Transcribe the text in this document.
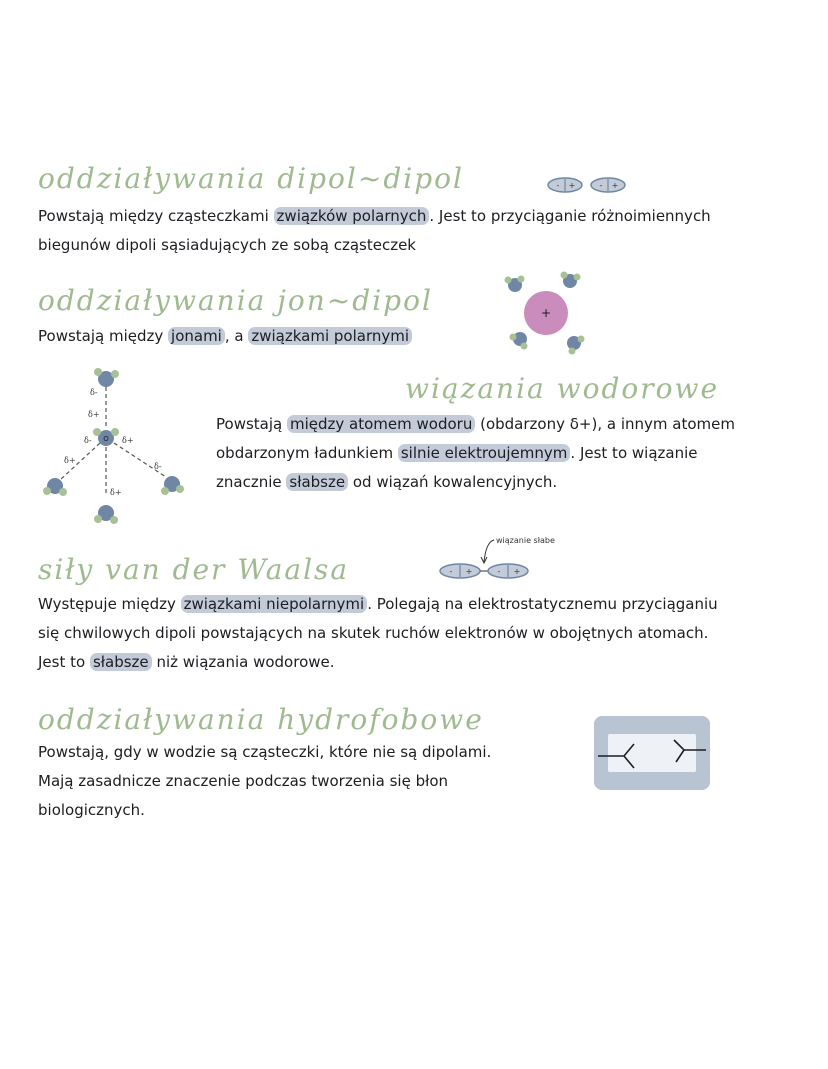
oddziaływania dipol~dipol	- +	- +

Powstają między cząsteczkami związków polarnych . Jest to przyciąganie różnoimiennych
biegunów dipoli sąsiadujących ze sobą cząsteczek

oddziaływania jon~dipol

Powstają między jonami , a związkami polarnymi

+
O
δ-
δ+
δ-	δ+
δ+
δ-
δ+
wiązania wodorowe

Powstają między atomem wodoru (obdarzony δ+), a innym atomem
obdarzonym ładunkiem silnie elektroujemnym . Jest to wiązanie
znacznie słabsze od wiązań kowalencyjnych.

siły van der Waalsa
wiązanie słabe
- +	- +

Występuje między związkami niepolarnymi . Polegają na elektrostatycznemu przyciąganiu
się chwilowych dipoli powstających na skutek ruchów elektronów w obojętnych atomach.
Jest to słabsze niż wiązania wodorowe.

oddziaływania hydrofobowe

Powstają, gdy w wodzie są cząsteczki, które nie są dipolami.
Mają zasadnicze znaczenie podczas tworzenia się błon
biologicznych.
